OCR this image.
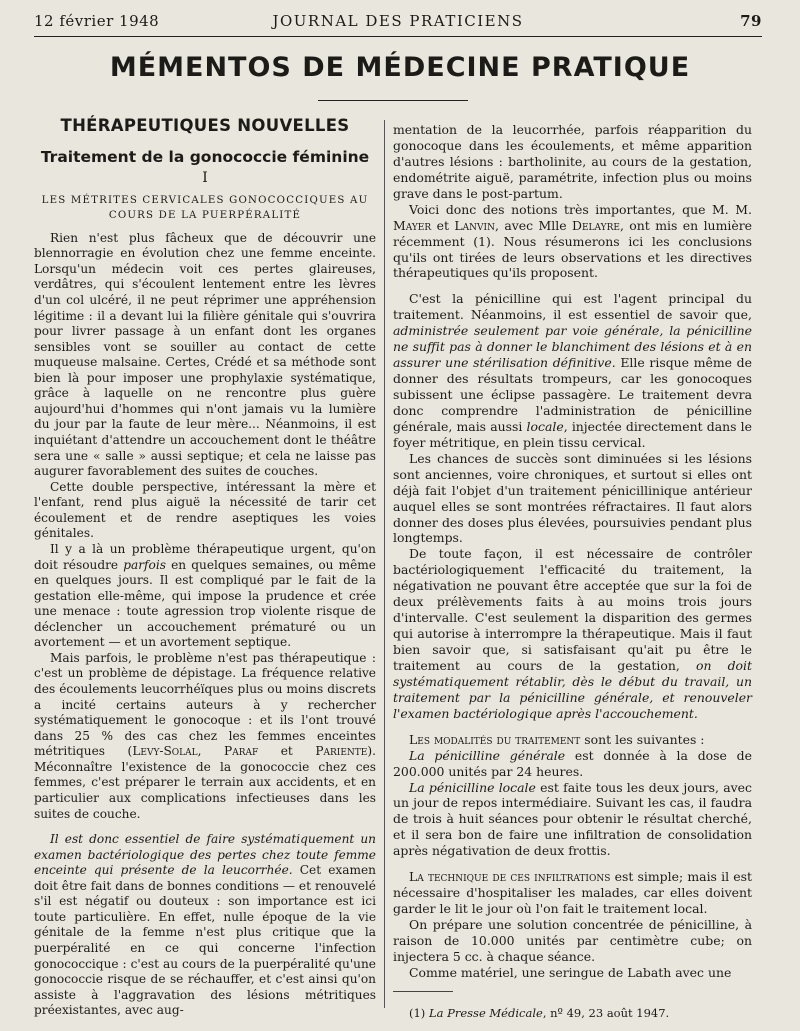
12 février 1948	JOURNAL DES PRATICIENS	79
MÉMENTOS DE MÉDECINE PRATIQUE
THÉRAPEUTIQUES NOUVELLES
Traitement de la gonococcie féminine
I
LES MÉTRITES CERVICALES GONOCOCCIQUES AU COURS DE LA PUERPÉRALITÉ

Rien n'est plus fâcheux que de découvrir une blennorragie en évolution chez une femme enceinte. Lorsqu'un médecin voit ces pertes glaireuses, verdâtres, qui s'écoulent lentement entre les lèvres d'un col ulcéré, il ne peut réprimer une appréhension légitime : il a devant lui la filière génitale qui s'ouvrira pour livrer passage à un enfant dont les organes sensibles vont se souiller au contact de cette muqueuse malsaine. Certes, Crédé et sa méthode sont bien là pour imposer une prophylaxie systématique, grâce à laquelle on ne rencontre plus guère aujourd'hui d'hommes qui n'ont jamais vu la lumière du jour par la faute de leur mère... Néanmoins, il est inquiétant d'attendre un accouchement dont le théâtre sera une « salle » aussi septique; et cela ne laisse pas augurer favorablement des suites de couches.

Cette double perspective, intéressant la mère et l'enfant, rend plus aiguë la nécessité de tarir cet écoulement et de rendre aseptiques les voies génitales.

Il y a là un problème thérapeutique urgent, qu'on doit résoudre parfois en quelques semaines, ou même en quelques jours. Il est compliqué par le fait de la gestation elle-même, qui impose la prudence et crée une menace : toute agression trop violente risque de déclencher un accouchement prématuré ou un avortement — et un avortement septique.

Mais parfois, le problème n'est pas thérapeutique : c'est un problème de dépistage. La fréquence relative des écoulements leucorrhéïques plus ou moins discrets a incité certains auteurs à y rechercher systématiquement le gonocoque : et ils l'ont trouvé dans 25 % des cas chez les femmes enceintes métritiques (Levy-Solal, Paraf et Pariente). Méconnaître l'existence de la gonococcie chez ces femmes, c'est préparer le terrain aux accidents, et en particulier aux complications infectieuses dans les suites de couche.

Il est donc essentiel de faire systématiquement un examen bactériologique des pertes chez toute femme enceinte qui présente de la leucorrhée. Cet examen doit être fait dans de bonnes conditions — et renouvelé s'il est négatif ou douteux : son importance est ici toute particulière. En effet, nulle époque de la vie génitale de la femme n'est plus critique que la puerpéralité en ce qui concerne l'infection gonococcique : c'est au cours de la puerpéralité qu'une gonococcie risque de se réchauffer, et c'est ainsi qu'on assiste à l'aggravation des lésions métritiques préexistantes, avec aug-

mentation de la leucorrhée, parfois réapparition du gonocoque dans les écoulements, et même apparition d'autres lésions : bartholinite, au cours de la gestation, endométrite aiguë, paramétrite, infection plus ou moins grave dans le post-partum.

Voici donc des notions très importantes, que M. M. Mayer et Lanvin, avec Mlle Delayre, ont mis en lumière récemment (1). Nous résumerons ici les conclusions qu'ils ont tirées de leurs observations et les directives thérapeutiques qu'ils proposent.

C'est la pénicilline qui est l'agent principal du traitement. Néanmoins, il est essentiel de savoir que, administrée seulement par voie générale, la pénicilline ne suffit pas à donner le blanchiment des lésions et à en assurer une stérilisation définitive. Elle risque même de donner des résultats trompeurs, car les gonocoques subissent une éclipse passagère. Le traitement devra donc comprendre l'administration de pénicilline générale, mais aussi locale, injectée directement dans le foyer métritique, en plein tissu cervical.

Les chances de succès sont diminuées si les lésions sont anciennes, voire chroniques, et surtout si elles ont déjà fait l'objet d'un traitement pénicillinique antérieur auquel elles se sont montrées réfractaires. Il faut alors donner des doses plus élevées, poursuivies pendant plus longtemps.

De toute façon, il est nécessaire de contrôler bactériologiquement l'efficacité du traitement, la négativation ne pouvant être acceptée que sur la foi de deux prélèvements faits à au moins trois jours d'intervalle. C'est seulement la disparition des germes qui autorise à interrompre la thérapeutique. Mais il faut bien savoir que, si satisfaisant qu'ait pu être le traitement au cours de la gestation, on doit systématiquement rétablir, dès le début du travail, un traitement par la pénicilline générale, et renouveler l'examen bactériologique après l'accouchement.

Les modalités du traitement sont les suivantes :

La pénicilline générale est donnée à la dose de 200.000 unités par 24 heures.

La pénicilline locale est faite tous les deux jours, avec un jour de repos intermédiaire. Suivant les cas, il faudra de trois à huit séances pour obtenir le résultat cherché, et il sera bon de faire une infiltration de consolidation après négativation de deux frottis.

La technique de ces infiltrations est simple; mais il est nécessaire d'hospitaliser les malades, car elles doivent garder le lit le jour où l'on fait le traitement local.

On prépare une solution concentrée de pénicilline, à raison de 10.000 unités par centimètre cube; on injectera 5 cc. à chaque séance.

Comme matériel, une seringue de Labath avec une

(1) La Presse Médicale, nº 49, 23 août 1947.
